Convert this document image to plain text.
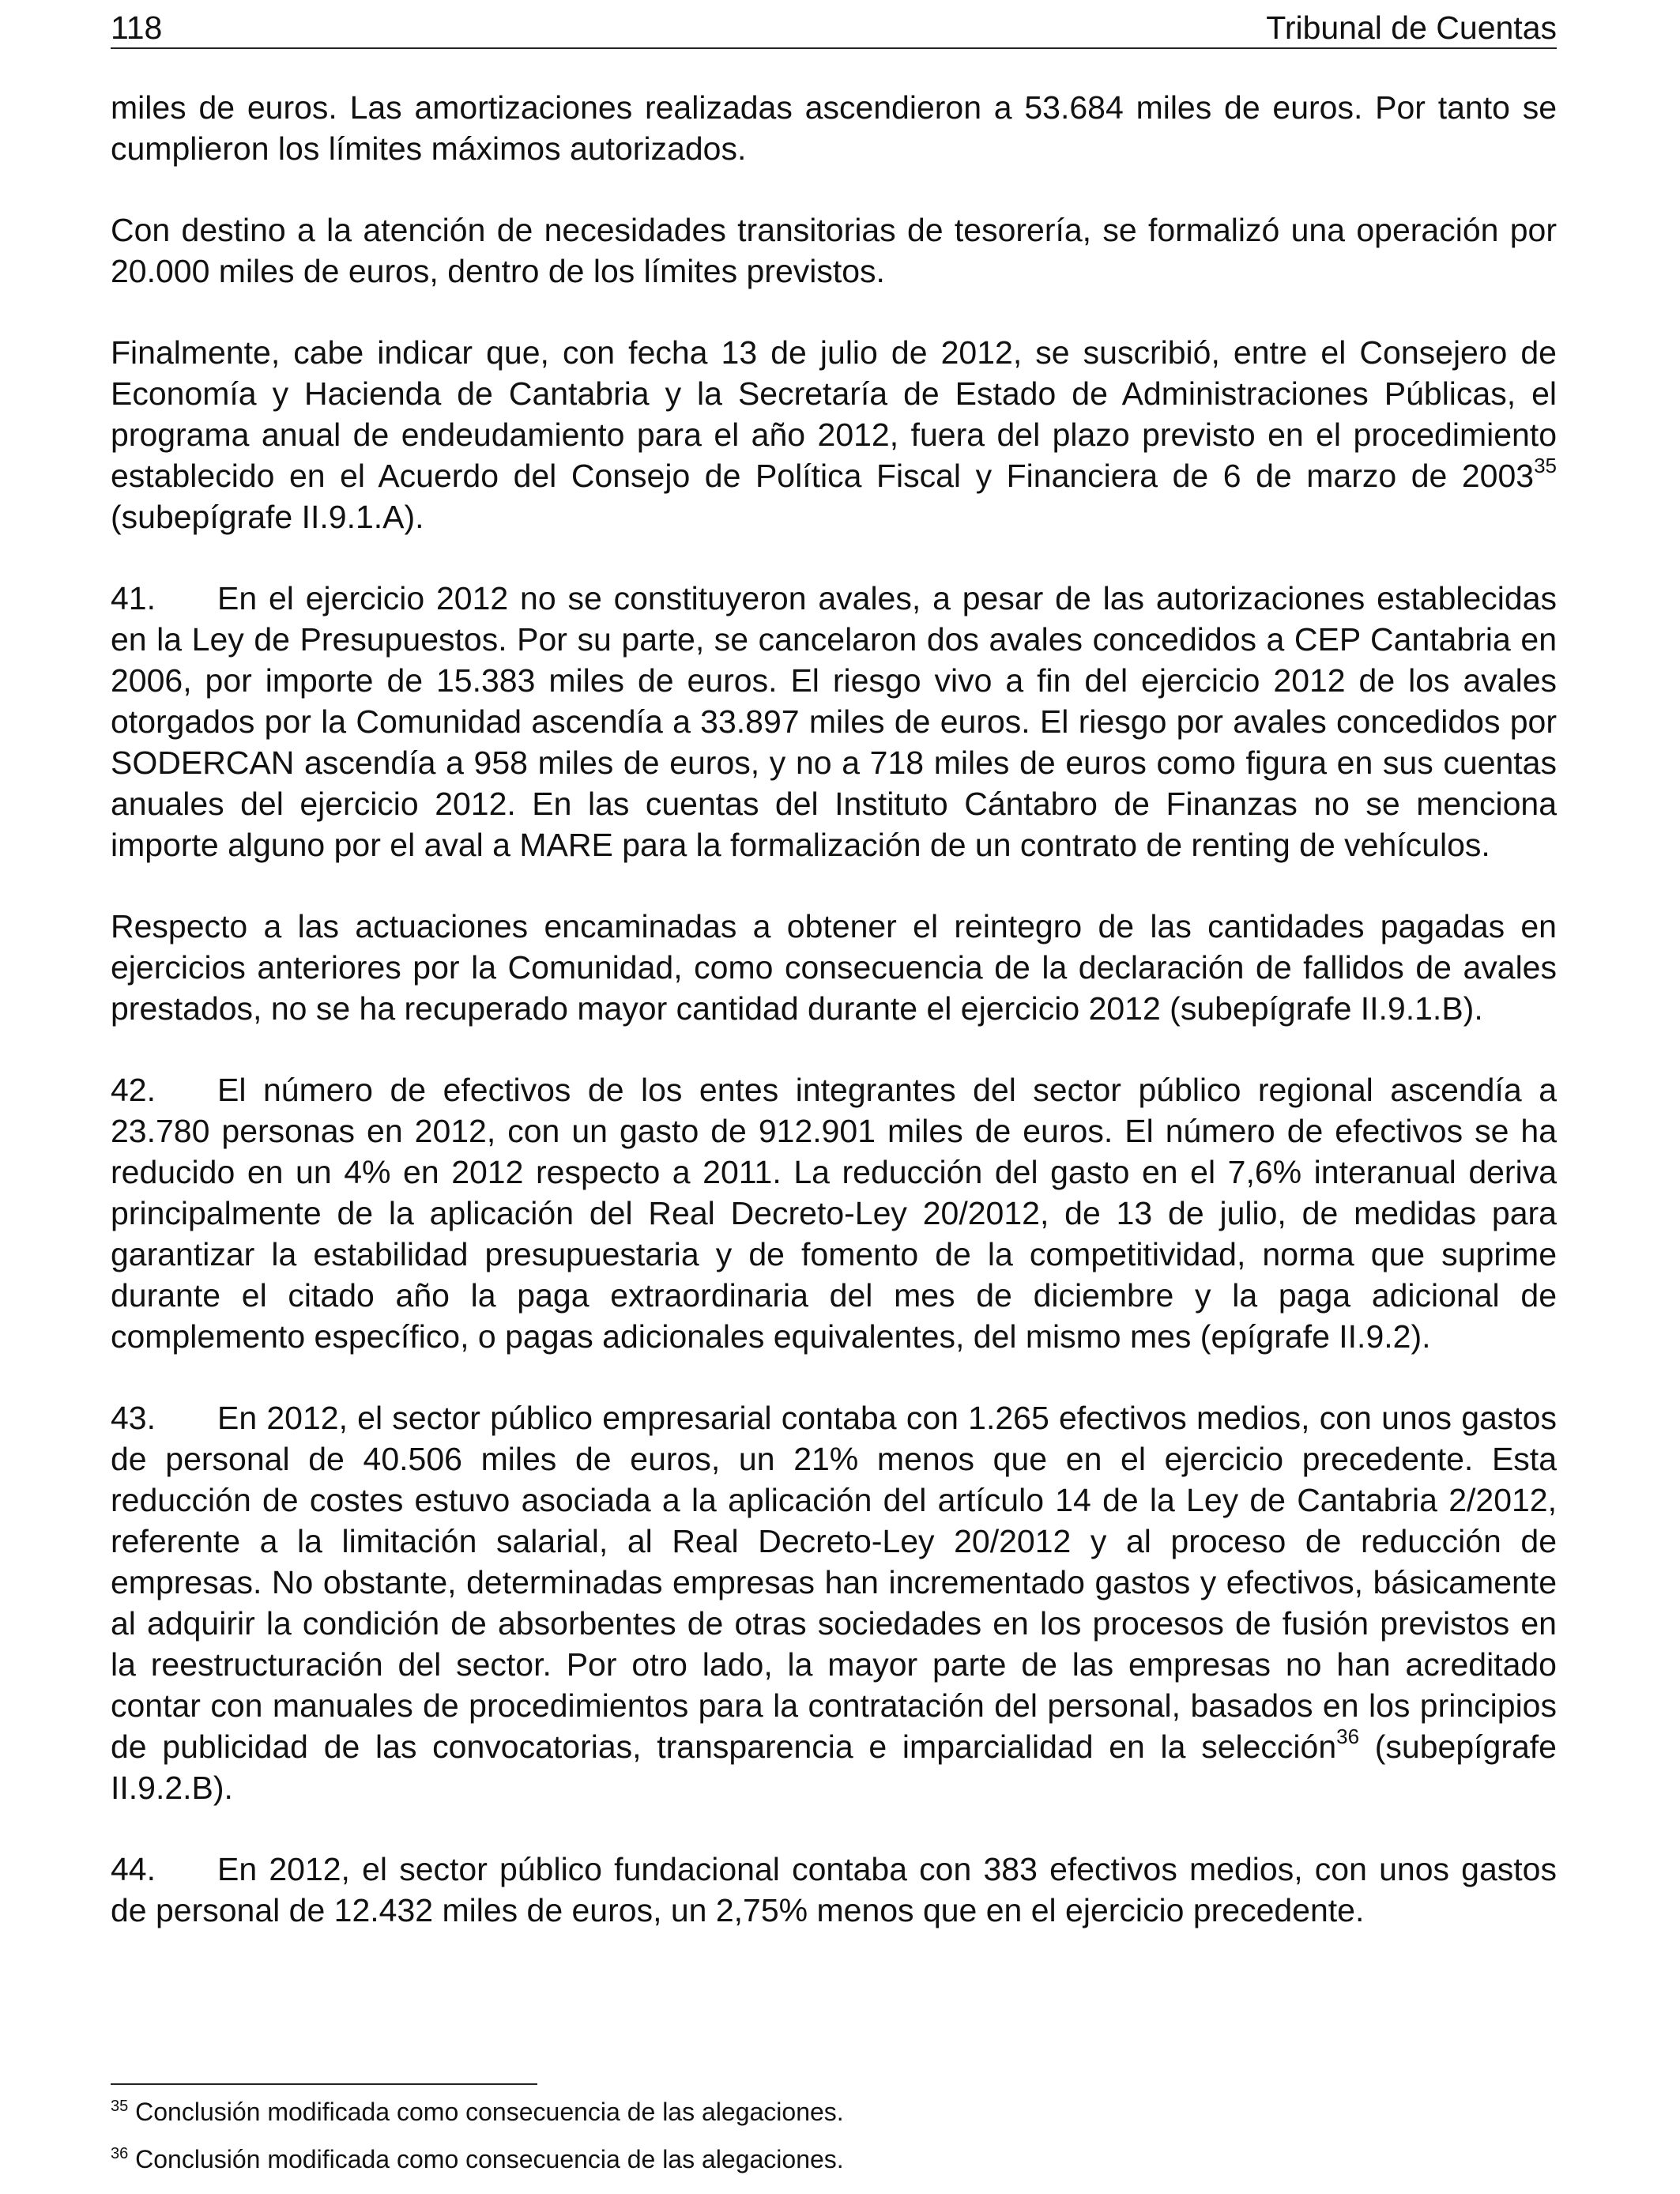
118	Tribunal de Cuentas

miles de euros. Las amortizaciones realizadas ascendieron a 53.684 miles de euros. Por tanto se cumplieron los límites máximos autorizados.

Con destino a la atención de necesidades transitorias de tesorería, se formalizó una operación por 20.000 miles de euros, dentro de los límites previstos.

Finalmente, cabe indicar que, con fecha 13 de julio de 2012, se suscribió, entre el Consejero de Economía y Hacienda de Cantabria y la Secretaría de Estado de Administraciones Públicas, el programa anual de endeudamiento para el año 2012, fuera del plazo previsto en el procedimiento establecido en el Acuerdo del Consejo de Política Fiscal y Financiera de 6 de marzo de 2003$^{35}$ (subepígrafe II.9.1.A).

41. En el ejercicio 2012 no se constituyeron avales, a pesar de las autorizaciones establecidas en la Ley de Presupuestos. Por su parte, se cancelaron dos avales concedidos a CEP Cantabria en 2006, por importe de 15.383 miles de euros. El riesgo vivo a fin del ejercicio 2012 de los avales otorgados por la Comunidad ascendía a 33.897 miles de euros. El riesgo por avales concedidos por SODERCAN ascendía a 958 miles de euros, y no a 718 miles de euros como figura en sus cuentas anuales del ejercicio 2012. En las cuentas del Instituto Cántabro de Finanzas no se menciona importe alguno por el aval a MARE para la formalización de un contrato de renting de vehículos.

Respecto a las actuaciones encaminadas a obtener el reintegro de las cantidades pagadas en ejercicios anteriores por la Comunidad, como consecuencia de la declaración de fallidos de avales prestados, no se ha recuperado mayor cantidad durante el ejercicio 2012 (subepígrafe II.9.1.B).

42. El número de efectivos de los entes integrantes del sector público regional ascendía a 23.780 personas en 2012, con un gasto de 912.901 miles de euros. El número de efectivos se ha reducido en un 4% en 2012 respecto a 2011. La reducción del gasto en el 7,6% interanual deriva principalmente de la aplicación del Real Decreto-Ley 20/2012, de 13 de julio, de medidas para garantizar la estabilidad presupuestaria y de fomento de la competitividad, norma que suprime durante el citado año la paga extraordinaria del mes de diciembre y la paga adicional de complemento específico, o pagas adicionales equivalentes, del mismo mes (epígrafe II.9.2).

43. En 2012, el sector público empresarial contaba con 1.265 efectivos medios, con unos gastos de personal de 40.506 miles de euros, un 21% menos que en el ejercicio precedente. Esta reducción de costes estuvo asociada a la aplicación del artículo 14 de la Ley de Cantabria 2/2012, referente a la limitación salarial, al Real Decreto-Ley 20/2012 y al proceso de reducción de empresas. No obstante, determinadas empresas han incrementado gastos y efectivos, básicamente al adquirir la condición de absorbentes de otras sociedades en los procesos de fusión previstos en la reestructuración del sector. Por otro lado, la mayor parte de las empresas no han acreditado contar con manuales de procedimientos para la contratación del personal, basados en los principios de publicidad de las convocatorias, transparencia e imparcialidad en la selección$^{36}$ (subepígrafe II.9.2.B).

44. En 2012, el sector público fundacional contaba con 383 efectivos medios, con unos gastos de personal de 12.432 miles de euros, un 2,75% menos que en el ejercicio precedente.

$^{35}$ Conclusión modificada como consecuencia de las alegaciones.
$^{36}$ Conclusión modificada como consecuencia de las alegaciones.
